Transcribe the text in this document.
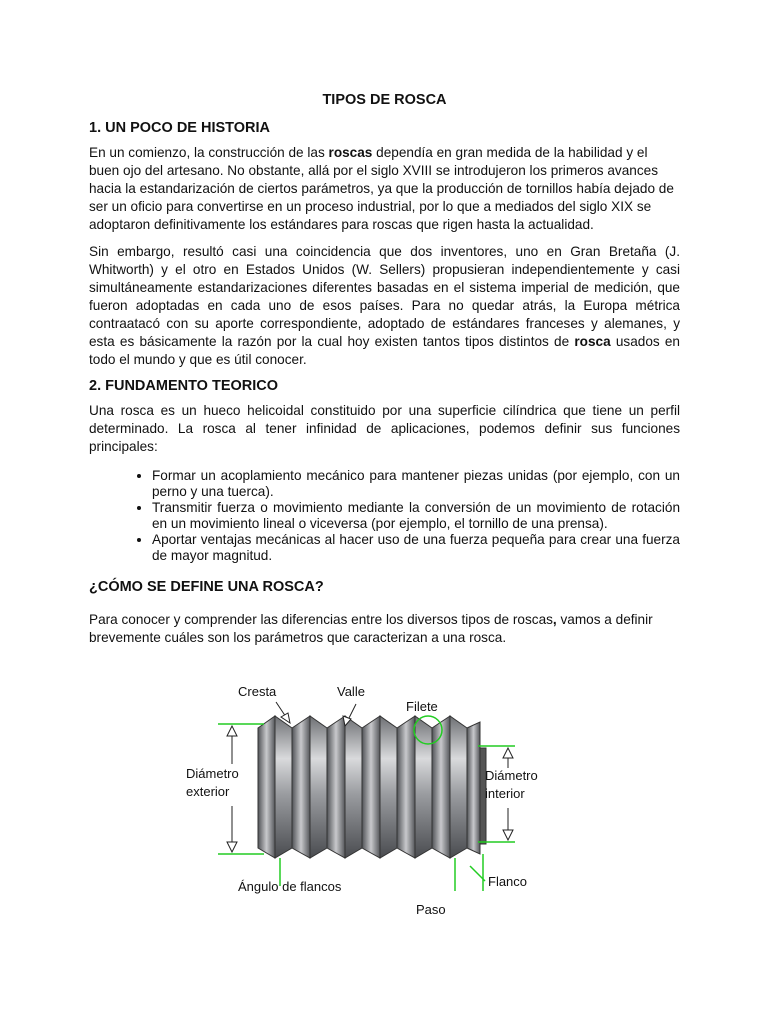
TIPOS DE ROSCA
1. UN POCO DE HISTORIA

En un comienzo, la construcción de las roscas dependía en gran medida de la habilidad y el buen ojo del artesano. No obstante, allá por el siglo XVIII se introdujeron los primeros avances hacia la estandarización de ciertos parámetros, ya que la producción de tornillos había dejado de ser un oficio para convertirse en un proceso industrial, por lo que a mediados del siglo XIX se adoptaron definitivamente los estándares para roscas que rigen hasta la actualidad.

Sin embargo, resultó casi una coincidencia que dos inventores, uno en Gran Bretaña (J. Whitworth) y el otro en Estados Unidos (W. Sellers) propusieran independientemente y casi simultáneamente estandarizaciones diferentes basadas en el sistema imperial de medición, que fueron adoptadas en cada uno de esos países. Para no quedar atrás, la Europa métrica contraatacó con su aporte correspondiente, adoptado de estándares franceses y alemanes, y esta es básicamente la razón por la cual hoy existen tantos tipos distintos de rosca usados en todo el mundo y que es útil conocer.

2. FUNDAMENTO TEORICO

Una rosca es un hueco helicoidal constituido por una superficie cilíndrica que tiene un perfil determinado. La rosca al tener infinidad de aplicaciones, podemos definir sus funciones principales:

• Formar un acoplamiento mecánico para mantener piezas unidas (por ejemplo, con un perno y una tuerca).
• Transmitir fuerza o movimiento mediante la conversión de un movimiento de rotación en un movimiento lineal o viceversa (por ejemplo, el tornillo de una prensa).
• Aportar ventajas mecánicas al hacer uso de una fuerza pequeña para crear una fuerza de mayor magnitud.
¿CÓMO SE DEFINE UNA ROSCA?

Para conocer y comprender las diferencias entre los diversos tipos de roscas, vamos a definir brevemente cuáles son los parámetros que caracterizan a una rosca.

Cresta	Valle
Filete
Diámetro
exterior
Diámetro
interior
Ángulo de flancos	Flanco
Paso
